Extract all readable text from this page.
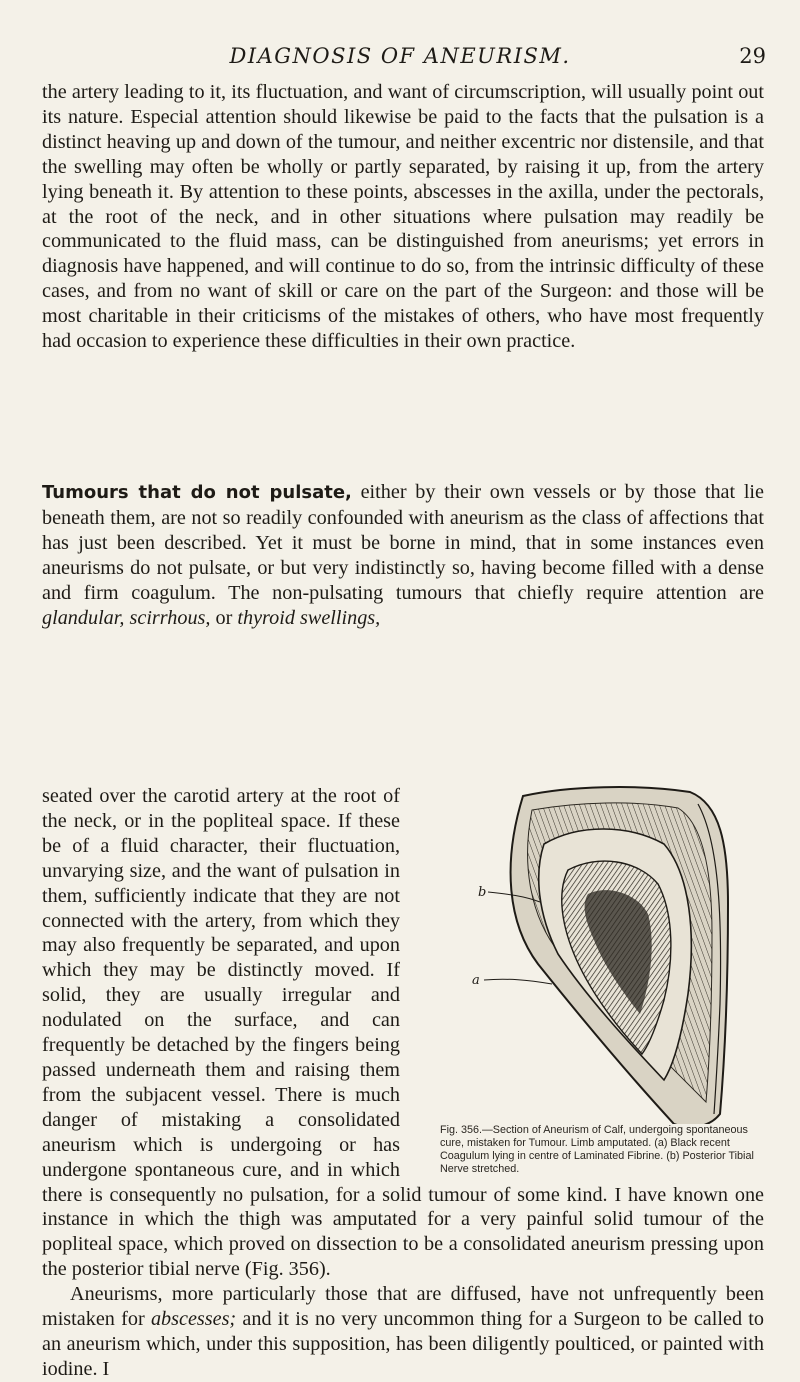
DIAGNOSIS OF ANEURISM.	29

the artery leading to it, its fluctuation, and want of circumscription, will usually point out its nature. Especial attention should likewise be paid to the facts that the pulsation is a distinct heaving up and down of the tumour, and neither excentric nor distensile, and that the swelling may often be wholly or partly separated, by raising it up, from the artery lying beneath it. By attention to these points, abscesses in the axilla, under the pectorals, at the root of the neck, and in other situations where pulsation may readily be communicated to the fluid mass, can be distinguished from aneurisms; yet errors in diagnosis have happened, and will continue to do so, from the intrinsic difficulty of these cases, and from no want of skill or care on the part of the Surgeon: and those will be most charitable in their criticisms of the mistakes of others, who have most frequently had occasion to experience these difficulties in their own practice.

Tumours that do not pulsate, either by their own vessels or by those that lie beneath them, are not so readily confounded with aneurism as the class of affections that has just been described. Yet it must be borne in mind, that in some instances even aneurisms do not pulsate, or but very indistinctly so, having become filled with a dense and firm coagulum. The non-pulsating tumours that chiefly require attention are glandular, scirrhous, or thyroid swellings,

b
a
Fig. 356.—Section of Aneurism of Calf, undergoing spontaneous cure, mistaken for Tumour. Limb amputated. (a) Black recent Coagulum lying in centre of Laminated Fibrine. (b) Posterior Tibial Nerve stretched.

seated over the carotid artery at the root of the neck, or in the popliteal space. If these be of a fluid character, their fluctuation, unvarying size, and the want of pulsation in them, sufficiently indicate that they are not connected with the artery, from which they may also frequently be separated, and upon which they may be distinctly moved. If solid, they are usually irregular and nodulated on the surface, and can frequently be detached by the fingers being passed underneath them and raising them from the subjacent vessel. There is much danger of mistaking a consolidated aneurism which is undergoing or has undergone spontaneous cure, and in which there is consequently no pulsation, for a solid tumour of some kind. I have known one instance in which the thigh was amputated for a very painful solid tumour of the popliteal space, which proved on dissection to be a consolidated aneurism pressing upon the posterior tibial nerve (Fig. 356).

Aneurisms, more particularly those that are diffused, have not unfrequently been mistaken for abscesses; and it is no very uncommon thing for a Surgeon to be called to an aneurism which, under this supposition, has been diligently poulticed, or painted with iodine. I
